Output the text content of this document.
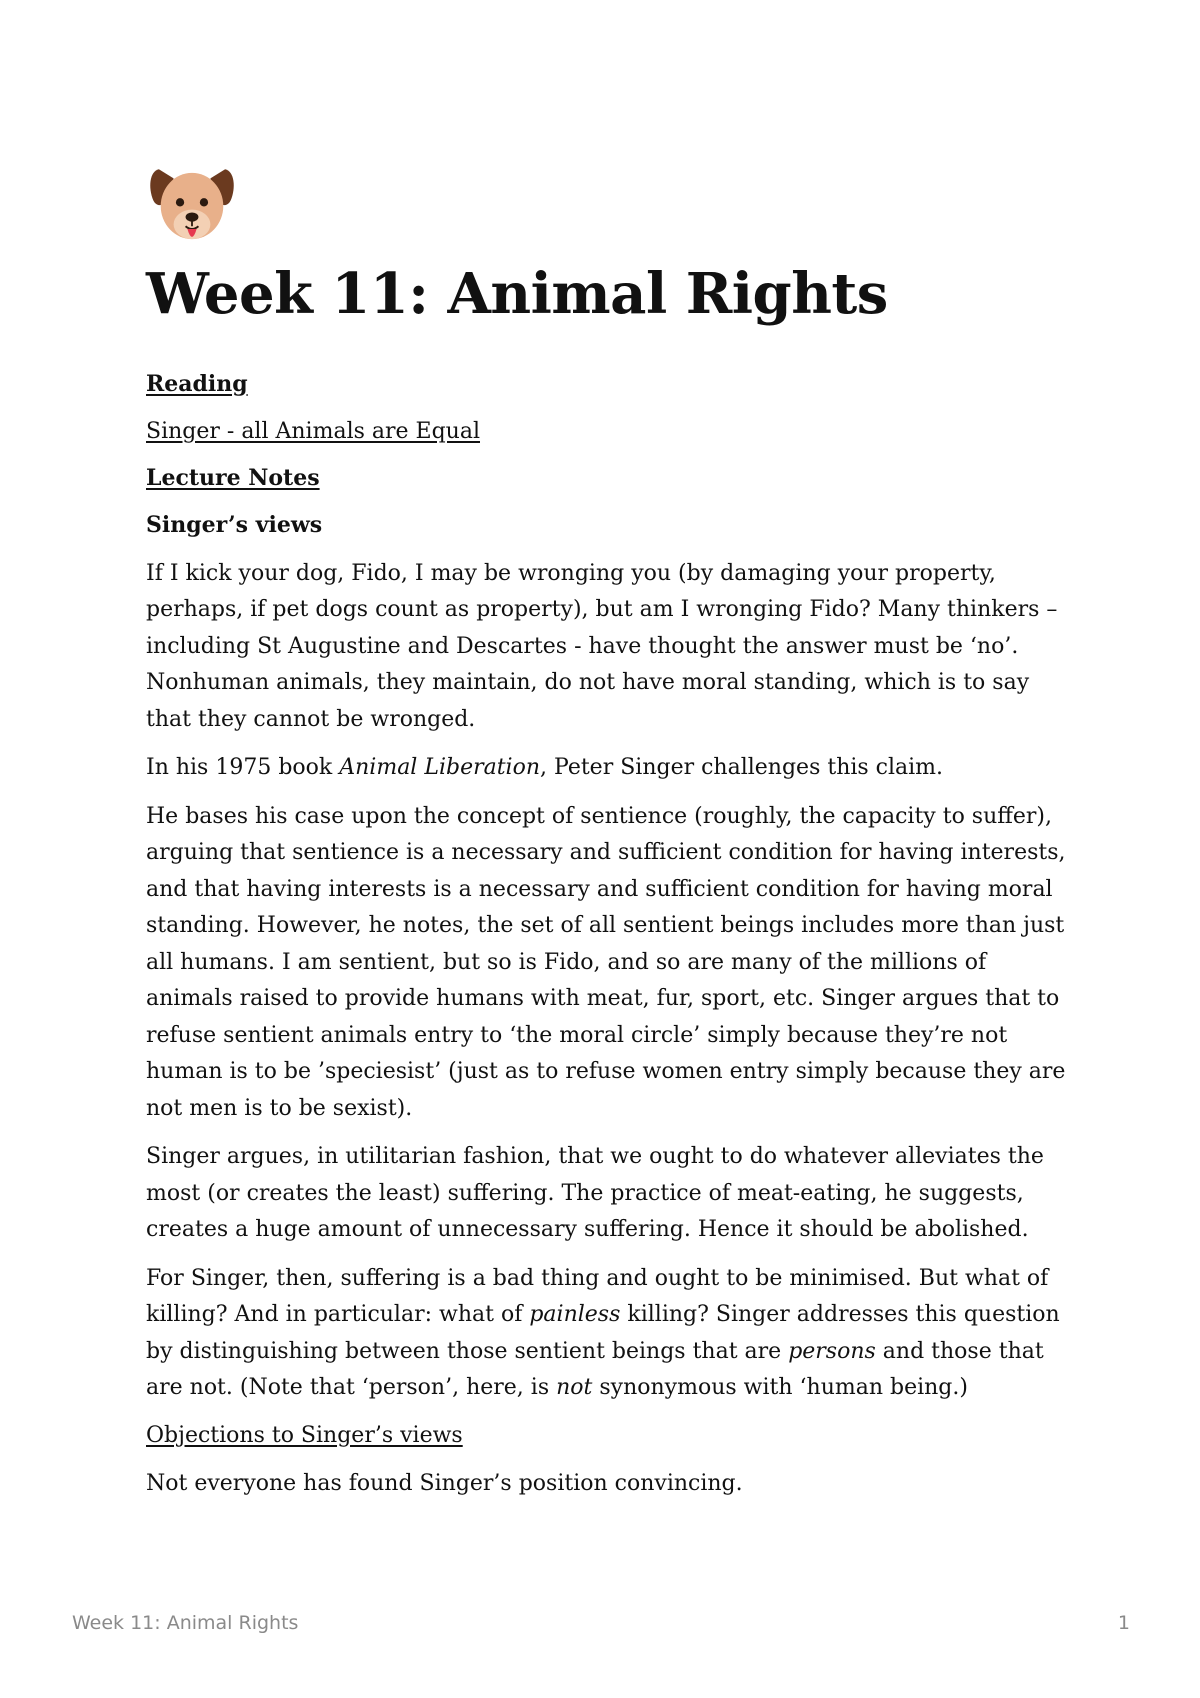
Week 11: Animal Rights
Reading
Singer - all Animals are Equal
Lecture Notes
Singer’s views

If I kick your dog, Fido, I may be wronging you (by damaging your property, perhaps, if pet dogs count as property), but am I wronging Fido? Many thinkers – including St Augustine and Descartes - have thought the answer must be ‘no’. Nonhuman animals, they maintain, do not have moral standing, which is to say that they cannot be wronged.

In his 1975 book Animal Liberation, Peter Singer challenges this claim.

He bases his case upon the concept of sentience (roughly, the capacity to suffer), arguing that sentience is a necessary and sufficient condition for having interests, and that having interests is a necessary and sufficient condition for having moral standing. However, he notes, the set of all sentient beings includes more than just all humans. I am sentient, but so is Fido, and so are many of the millions of animals raised to provide humans with meat, fur, sport, etc. Singer argues that to refuse sentient animals entry to ‘the moral circle’ simply because they’re not human is to be ’speciesist’ (just as to refuse women entry simply because they are not men is to be sexist).

Singer argues, in utilitarian fashion, that we ought to do whatever alleviates the most (or creates the least) suffering. The practice of meat-eating, he suggests, creates a huge amount of unnecessary suffering. Hence it should be abolished.

For Singer, then, suffering is a bad thing and ought to be minimised. But what of killing? And in particular: what of painless killing? Singer addresses this question by distinguishing between those sentient beings that are persons and those that are not. (Note that ‘person’, here, is not synonymous with ‘human being.)

Objections to Singer’s views

Not everyone has found Singer’s position convincing.

Week 11: Animal Rights	1
